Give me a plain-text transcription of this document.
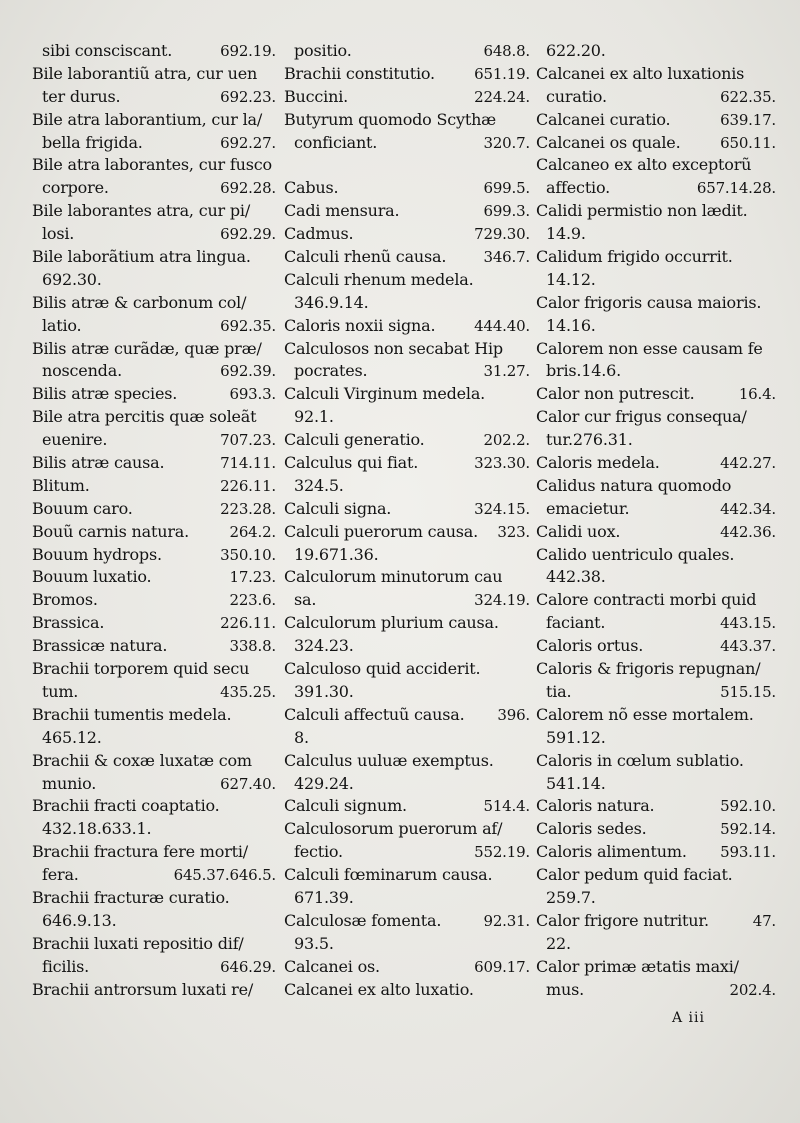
sibi consciscant.	692.19.
Bile laborantiũ atra, cur uen
ter durus.	692.23.
Bile atra laborantium, cur la/
bella frigida.	692.27.
Bile atra laborantes, cur fusco
corpore.	692.28.
Bile laborantes atra, cur pi/
losi.	692.29.
Bile laborãtium atra lingua.
692.30.
Bilis atræ & carbonum col/
latio.	692.35.
Bilis atræ curãdæ, quæ præ/
noscenda.	692.39.
Bilis atræ species.	693.3.
Bile atra percitis quæ soleãt
euenire.	707.23.
Bilis atræ causa.	714.11.
Blitum.	226.11.
Bouum caro.	223.28.
Bouũ carnis natura.	264.2.
Bouum hydrops.	350.10.
Bouum luxatio.	17.23.
Bromos.	223.6.
Brassica.	226.11.
Brassicæ natura.	338.8.
Brachii torporem quid secu
tum.	435.25.
Brachii tumentis medela.
465.12.
Brachii & coxæ luxatæ com
munio.	627.40.
Brachii fracti coaptatio.
432.18.633.1.
Brachii fractura fere morti/
fera.	645.37.646.5.
Brachii fracturæ curatio.
646.9.13.
Brachii luxati repositio dif/
ficilis.	646.29.
Brachii antrorsum luxati re/
positio.	648.8.
Brachii constitutio.	651.19.
Buccini.	224.24.
Butyrum quomodo Scythæ
conficiant.	320.7.
Cabus.	699.5.
Cadi mensura.	699.3.
Cadmus.	729.30.
Calculi rhenũ causa. 346.7.
Calculi rhenum medela.
346.9.14.
Caloris noxii signa.	444.40.
Calculosos non secabat Hip
pocrates.	31.27.
Calculi Virginum medela.
92.1.
Calculi generatio.	202.2.
Calculus qui fiat.	323.30.
324.5.
Calculi signa.	324.15.
Calculi puerorum causa. 323.
19.671.36.
Calculorum minutorum cau
sa.	324.19.
Calculorum plurium causa.
324.23.
Calculoso quid acciderit.
391.30.
Calculi affectuũ causa. 396.
8.
Calculus uuluæ exemptus.
429.24.
Calculi signum.	514.4.
Calculosorum puerorum af/
fectio.	552.19.
Calculi fœminarum causa.
671.39.
Calculosæ fomenta.	92.31.
93.5.
Calcanei os.	609.17.
Calcanei ex alto luxatio.
622.20.
Calcanei ex alto luxationis
curatio.	622.35.
Calcanei curatio.	639.17.
Calcanei os quale.	650.11.
Calcaneo ex alto exceptorũ
affectio.	657.14.28.
Calidi permistio non lædit.
14.9.
Calidum frigido occurrit.
14.12.
Calor frigoris causa maioris.
14.16.
Calorem non esse causam fe
bris.14.6.
Calor non putrescit.	16.4.
Calor cur frigus consequa/
tur.276.31.
Caloris medela.	442.27.
Calidus natura quomodo
emacietur.	442.34.
Calidi uox.	442.36.
Calido uentriculo quales.
442.38.
Calore contracti morbi quid
faciant.	443.15.
Caloris ortus.	443.37.
Caloris & frigoris repugnan/
tia.	515.15.
Calorem nõ esse mortalem.
591.12.
Caloris in cœlum sublatio.
541.14.
Caloris natura.	592.10.
Caloris sedes.	592.14.
Caloris alimentum. 593.11.
Calor pedum quid faciat.
259.7.
Calor frigore nutritur.	47.
22.
Calor primæ ætatis maxi/
mus.	202.4.
A iii
